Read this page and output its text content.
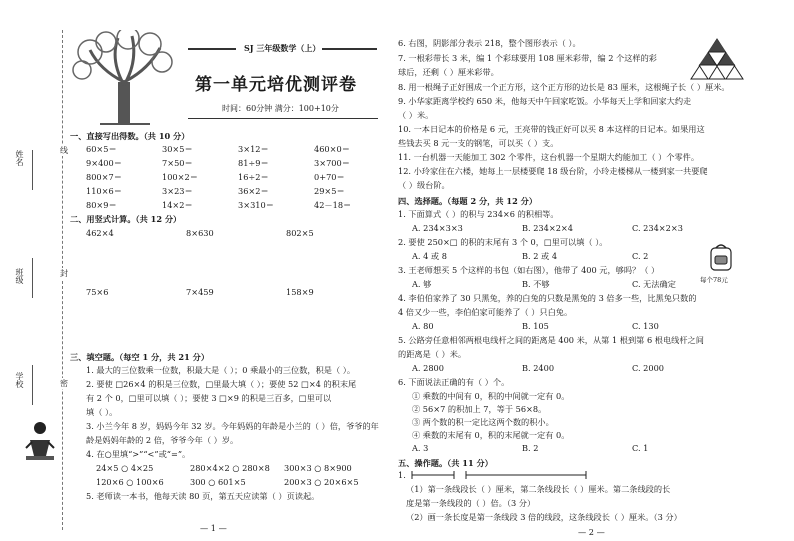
姓名
班级
学校
线
封
密
SJ 三年级数学（上）
第一单元培优测评卷
时间：60分钟 满分：100+10分
一、直接写出得数。（共 10 分）
60×5＝	30×5＝	3×12＝	460×0＝
9×400＝	7×50＝	81÷9＝	3×700＝
800×7＝	100×2＝	16÷2＝	0+70＝
110×6＝	3×23＝	36×2＝	29×5＝
80×9＝	14×2＝	3×310＝	42－18＝
二、用竖式计算。（共 12 分）
462×4	8×630	802×5
75×6	7×459	158×9
三、填空题。（每空 1 分，共 21 分）
1. 最大的三位数乘一位数，积最大是（ ）；0 乘最小的三位数，积是（ ）。
2. 要使 □26×4 的积是三位数，□里最大填（ ）；要使 52 □×4 的积末尾
有 2 个 0，□里可以填（ ）；要使 3 □×9 的积是三百多，□里可以
填（ ）。
3. 小兰今年 8 岁，妈妈今年 32 岁。今年妈妈的年龄是小兰的（ ）倍，爷爷的年
龄是妈妈年龄的 2 倍，爷爷今年（ ）岁。
4. 在○里填“>”“<”或“=”。
24×5 ○ 4×25	280×4×2 ○ 280×8 300×3 ○ 8×900
120×6 ○ 100×6	300 ○ 601×5	200×3 ○ 20×6×5
5. 老师读一本书，他每天读 80 页，第五天应读第（ ）页读起。
— 1 —
6. 右图，阴影部分表示 218，整个图形表示（ ）。
7. 一根彩带长 3 米，编 1 个彩球要用 108 厘米彩带，编 2 个这样的彩
球后，还剩（ ）厘米彩带。
8. 用一根绳子正好围成一个正方形，这个正方形的边长是 83 厘米，这根绳子长（ ）厘米。
9. 小华家距离学校约 650 米，他每天中午回家吃饭。小华每天上学和回家大约走
（ ）米。
10. 一本日记本的价格是 6 元，王亮带的钱正好可以买 8 本这样的日记本。如果用这
些钱去买 8 元一支的钢笔，可以买（ ）支。
11. 一台机器一天能加工 302 个零件，这台机器一个星期大约能加工（ ）个零件。
12. 小玲家住在六楼，她每上一层楼要爬 18 级台阶，小玲走楼梯从一楼到家一共要爬
（ ）级台阶。
四、选择题。（每题 2 分，共 12 分）
1. 下面算式（ ）的积与 234×6 的积相等。
A. 234×3×3	B. 234×2×4	C. 234×2×3
2. 要使 250×□ 的积的末尾有 3 个 0，□里可以填（ ）。
A. 4 或 8	B. 2 或 4	C. 2
3. 王老师想买 5 个这样的书包（如右图），他带了 400 元，够吗？（ ）
A. 够	B. 不够	C. 无法确定	每个78元
4. 李伯伯家养了 30 只黑兔，养的白兔的只数是黑兔的 3 倍多一些，比黑兔只数的
4 倍又少一些，李伯伯家可能养了（ ）只白兔。
A. 80	B. 105	C. 130
5. 公路旁任意相邻两根电线杆之间的距离是 400 米，从第 1 根到第 6 根电线杆之间
的距离是（ ）米。
A. 2800	B. 2400	C. 2000
6. 下面说法正确的有（ ）个。
① 乘数的中间有 0，积的中间就一定有 0。
② 56×7 的积加上 7，等于 56×8。
③ 两个数的积一定比这两个数的积小。
④ 乘数的末尾有 0，积的末尾就一定有 0。
A. 3	B. 2	C. 1
五、操作题。（共 11 分）
1.
（1）第一条线段长（ ）厘米，第二条线段长（ ）厘米。第二条线段的长
度是第一条线段的（ ）倍。（3 分）
（2）画一条长度是第一条线段 3 倍的线段，这条线段长（ ）厘米。（3 分）
— 2 —
